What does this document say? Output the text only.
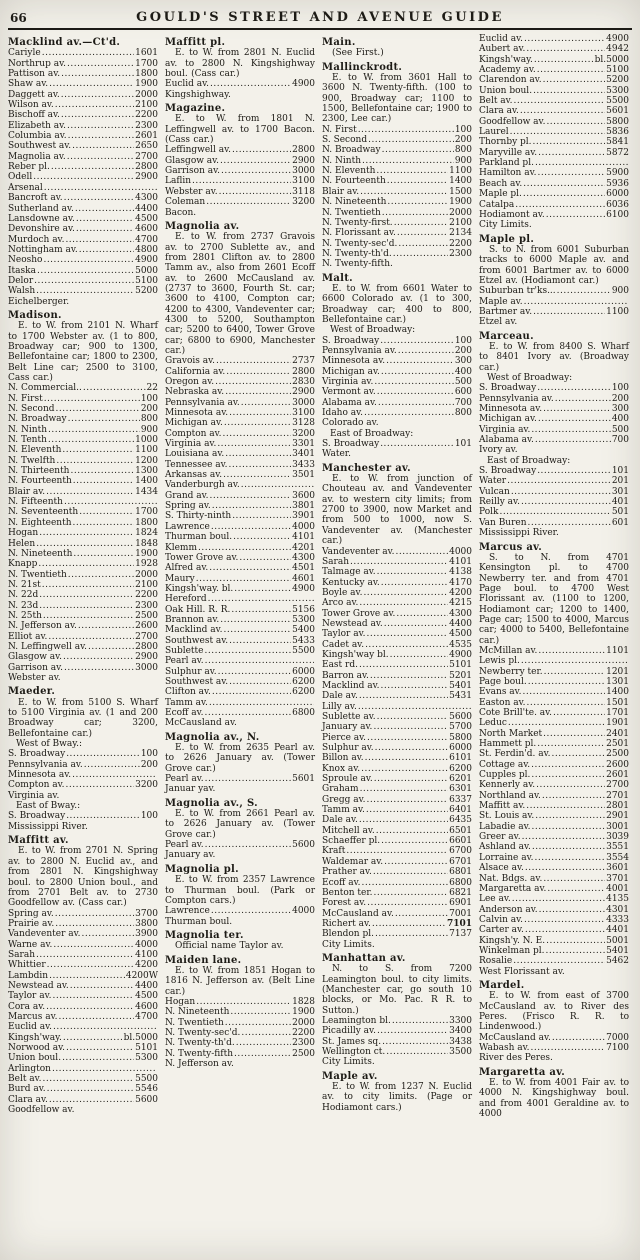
66	GOULD'S STREET AND AVENUE GUIDE
Macklind av.—Ct'd.
Cariyle .....	1601
Northrup av. .....	1700
Pattison av. .....	1800
Shaw av. .....	1900
Daggett av. .....	2000
Wilson av. .....	2100
Bischoff av. .....	2200
Elizabeth av. .....	2300
Columbia av. .....	2601
Southwest av. .....	2650
Magnolia av. .....	2700
Reber pl. .....	2800
Odell .....	2900
Arsenal
.....
Bancroft av. .....	4300
Sutherland av. .....	4400
Lansdowne av. .....	4500
Devonshire av. .....	4600
Murdoch av. .....	4700
Nottingham av. .....	4800
Neosho .....	4900
Itaska .....	5000
Delor .....	5100
Walsh .....	5200
Eichelberger.
Madison.
E. to W. from 2101 N. Wharf to 1700 Webster av. (1 to 800, Broadway car; 900 to 1300, Bellefontaine car; 1800 to 2300, Belt Line car; 2500 to 3100, Cass car.)
N. Commercial.. .....	22
N. First .....	100
N. Second .....	200
N. Broadway .....	800
N. Ninth .....	900
N. Tenth .....	1000
N. Eleventh .....	1100
N. Twelfth .....	1200
N. Thirteenth .....	1300
N. Fourteenth .....	1400
Blair av. .....	1434
N. Fifteenth
.....
N. Seventeenth .....	1700
N. Eighteenth .....	1800
Hogan .....	1824
Helen .....	1848
N. Nineteenth .....	1900
Knapp .....	1928
N. Twentieth .....	2000
N. 21st .....	2100
N. 22d .....	2200
N. 23d .....	2300
N. 25th .....	2500
N. Jefferson av. .....	2600
Elliot av. .....	2700
N. Leffingwell av. .....	2800
Glasgow av. .....	2900
Garrison av. .....	3000
Webster av.
Maeder.
E. to W. from 5100 S. Wharf to 5100 Virginia av. (1 and 200 Broadway car; 3200, Bellefontaine car.)
West of Bway.:
S. Broadway .....	100
Pennsylvania av. .....	200
Minnesota av.
.....
Compton av. .....	3200
Virginia av.
East of Bway.:
S. Broadway .....	100
Mississippi River.
Maffitt av.
E. to W. from 2701 N. Spring av. to 2800 N. Euclid av., and from 2801 N. Kingshighway boul. to 2800 Union boul., and from 2701 Belt av. to 2730 Goodfellow av. (Cass car.)
Spring av. .....	3700
Prairie av. .....	3800
Vandeventer av. .....	3900
Warne av. .....	4000
Sarah .....	4100
Whittier .....	4200
Lambdin .....	4200W
Newstead av. .....	4400
Taylor av. .....	4500
Cora av. .....	4600
Marcus av. .....	4700
Euclid av.
.....
Kingsh'way. .....	bl.5000
Norwood av. .....	5101
Union boul. .....	5300
Arlington
.....
Belt av. .....	5500
Burd av. .....	5546
Clara av. .....	5600
Goodfellow av.
Maffitt pl.
E. to W. from 2801 N. Euclid av. to 2800 N. Kingshighway boul. (Cass car.)
Euclid av. .....	4900
Kingshighway.
Magazine.
E. to W. from 1801 N. Leffingwell av. to 1700 Bacon. (Cass car.)
Leffingwell av. .....	2800
Glasgow av. .....	2900
Garrison av. .....	3000
Laflin .....	3100
Webster av. .....	3118
Coleman .....	3200
Bacon.
Magnolia av.
E. to W. from 2737 Gravois av. to 2700 Sublette av., and from 2801 Clifton av. to 2800 Tamm av., also from 2601 Ecoff av. to 2600 McCausland av. (2737 to 3600, Fourth St. car; 3600 to 4100, Compton car; 4200 to 4300, Vandeventer car; 4300 to 5200, Southampton car; 5200 to 6400, Tower Grove car; 6800 to 6900, Manchester car.)
Gravois av. .....	2737
California av. .....	2800
Oregon av. .....	2830
Nebraska av. .....	2900
Pennsylvania av. .....	3000
Minnesota av. .....	3100
Michigan av. .....	3128
Compton av. .....	3200
Virginia av. .....	3301
Louisiana av. .....	3401
Tennessee av. .....	3433
Arkansas av. .....	3501
Vanderburgh av.
.....
Grand av. .....	3600
Spring av. .....	3801
S. Thirty-ninth .....	3901
Lawrence .....	4000
Thurman boul. .....	4101
Klemm .....	4201
Tower Grove av. .....	4300
Alfred av. .....	4501
Maury .....	4601
Kingsh'way. bl. .....	4900
Hereford
.....
Oak Hill. R. R. .....	5156
Brannon av. .....	5300
Macklind av. .....	5400
Southwest av. .....	5433
Sublette .....	5500
Pearl av.
.....
Sulphur av. .....	6000
Southwest av. .....	6200
Clifton av. .....	6200
Tamm av.
.....
Ecoff av. .....	6800
McCausland av.
Magnolia av., N.
E. to W. from 2635 Pearl av. to 2626 January av. (Tower Grove car.)
Pearl av. .....	5601
Januar yav.
Magnolia av., S.
E. to W. from 2661 Pearl av. to 2626 January av. (Tower Grove car.)
Pearl av. .....	5600
January av.
Magnolia pl.
E. to W. from 2357 Lawrence to Thurman boul. (Park or Compton cars.)
Lawrence .....	4000
Thurman boul.
Magnolia ter.
Official name Taylor av.
Maiden lane.
E. to W. from 1851 Hogan to 1816 N. Jefferson av. (Belt Line car.)
Hogan .....	1828
N. Nineteenth .....	1900
N. Twentieth .....	2000
N. Twenty-sec'd. .....	2200
N. Twenty-th'd. .....	2300
N. Twenty-fifth .....	2500
N. Jefferson av.
Main.
(See First.)
Mallinckrodt.
E. to W. from 3601 Hall to 3600 N. Twenty-fifth. (100 to 900, Broadway car; 1100 to 1500, Bellefontaine car; 1900 to 2300, Lee car.)
N. First .....	100
S. Second .....	200
N. Broadway .....	800
N. Ninth .....	900
N. Eleventh .....	1100
N. Fourteenth .....	1400
Blair av. .....	1500
N. Nineteenth .....	1900
N. Twentieth .....	2000
N. Twenty-first. .....	2100
N. Florissant av. .....	2134
N. Twenty-sec'd. .....	2200
N. Twenty-th'd. .....	2300
N. Twenty-fifth.
Malt.
E. to W. from 6601 Water to 6600 Colorado av. (1 to 300, Broadway car; 400 to 800, Bellefontaine car.)
West of Broadway:
S. Broadway .....	100
Pennsylvania av. .....	200
Minnesota av. .....	300
Michigan av. .....	400
Virginia av. .....	500
Vermont av. .....	600
Alabama av. .....	700
Idaho av. .....	800
Colorado av.
East of Broadway:
S. Broadway .....	101
Water.
Manchester av.
E. to W. from junction of Chouteau av. and Vandeventer av. to western city limits; from 2700 to 3900, now Market and from 500 to 1000, now S. Vandeventer av. (Manchester car.)
Vandeventer av. .....	4000
Sarah .....	4101
Talmage av. .....	4138
Kentucky av. .....	4170
Boyle av. .....	4200
Arco av. .....	4215
Tower Grove av. .....	4300
Newstead av. .....	4400
Taylor av. .....	4500
Cadet av. .....	4535
Kingsh'way bl. .....	4900
East rd. .....	5101
Barron av. .....	5201
Macklind av. .....	5401
Dale av. .....	5431
Lilly av.
.....
Sublette av. .....	5600
January av. .....	5700
Pierce av. .....	5800
Sulphur av. .....	6000
Billon av. .....	6101
Knox av. .....	6200
Sproule av. .....	6201
Graham .....	6301
Gregg av. .....	6337
Tamm av. .....	6401
Dale av. .....	6435
Mitchell av. .....	6501
Schaeffer pl. .....	6601
Kraft .....	6700
Waldemar av. .....	6701
Prather av. .....	6801
Ecoff av. .....	6800
Benton ter. .....	6821
Forest av. .....	6901
McCausland av. .....	7001
Richert av. .....	7101
Blendon pl. .....	7137
City Limits.
Manhattan av.
N. to S. from 7200 Leamington boul. to city limits. (Manchester car, go south 10 blocks, or Mo. Pac. R R. to Sutton.)
Leamington bl. .....	3300
Picadilly av. .....	3400
St. James sq. .....	3438
Wellington ct. .....	3500
City Limits.
Maple av.
E. to W. from 1237 N. Euclid av. to city limits. (Page or Hodiamont cars.)
Euclid av. .....	4900
Aubert av. .....	4942
Kingsh'way. .....	bl.5000
Academy av. .....	5100
Clarendon av. .....	5200
Union boul. .....	5300
Belt av. .....	5500
Clara av. .....	5601
Goodfellow av. .....	5800
Laurel .....	5836
Thornby pl. .....	5841
Maryville av. .....	5872
Parkland pl.
.....
Hamilton av. .....	5900
Beach av. .....	5936
Maple pl. .....	6000
Catalpa .....	6036
Hodiamont av. .....	6100
City Limits.
Maple pl.
S. to N. from 6001 Suburban tracks to 6000 Maple av. and from 6001 Bartmer av. to 6000 Etzel av. (Hodiamont car.)
Suburban tr'ks... .....	900
Maple av.
.....
Bartmer av. .....	1100
Etzel av.
Marceau.
E. to W. from 8400 S. Wharf to 8401 Ivory av. (Broadway car.)
West of Broadway:
S. Broadway .....	100
Pennsylvania av. .....	200
Minnesota av. .....	300
Michigan av. .....	400
Virginia av. .....	500
Alabama av. .....	700
Ivory av.
East of Broadway:
S. Broadway .....	101
Water .....	201
Vulcan .....	301
Reilly av. .....	401
Polk .....	501
Van Buren .....	601
Mississippi River.
Marcus av.
S. to N. from 4701 Kensington pl. to 4700 Newberry ter. and from 4701 Page boul. to 4700 West Florissant av. (1100 to 1200, Hodiamont car; 1200 to 1400, Page car; 1500 to 4000, Marcus car; 4000 to 5400, Bellefontaine car.)
McMillan av. .....	1101
Lewis pl.
.....
Newberry ter. .....	1201
Page boul. .....	1301
Evans av. .....	1400
Easton av. .....	1501
Cote Brill'te. av. .....	1701
Leduc .....	1901
North Market .....	2401
Hammett pl. .....	2501
St. Ferdin'd. av. .....	2500
Cottage av. .....	2600
Cupples pl. .....	2601
Kennerly av. .....	2700
Northland av. .....	2701
Maffitt av. .....	2801
St. Louis av. .....	2901
Labadie av. .....	3001
Greer av. .....	3039
Ashland av. .....	3551
Lorraine av. .....	3554
Alsace av. .....	3601
Nat. Bdgs. av. .....	3701
Margaretta av. .....	4001
Lee av. .....	4135
Anderson av. .....	4301
Calvin av. .....	4333
Carter av. .....	4401
Kingsh'y. N. E. .....	5001
Winkelman pl. .....	5401
Rosalie .....	5462
West Florissant av.
Mardel.
E. to W. from east of 3700 McCausland av. to River des Peres. (Frisco R. R. to Lindenwood.)
McCausland av. .....	7000
Wabash av. .....	7100
River des Peres.
Margaretta av.
E. to W. from 4001 Fair av. to 4000 N. Kingshighway boul. and from 4001 Geraldine av. to 4000
